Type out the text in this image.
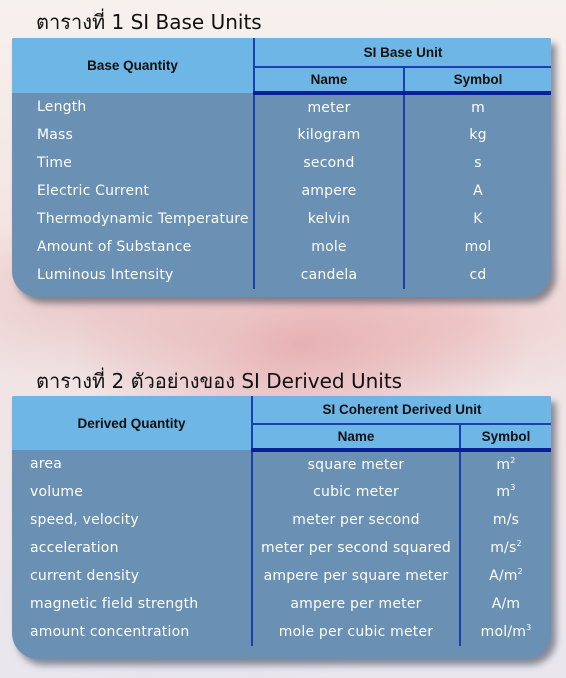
ตารางที่ 1 SI Base Units
Base Quantity	SI Base Unit	
	Name	Symbol
Length	meter	m
Mass	kilogram	kg
Time	second	s
Electric Current	ampere	A
Thermodynamic Temperature	kelvin	K
Amount of Substance	mole	mol
Luminous Intensity	candela	cd

ตารางที่ 2 ตัวอย่างของ SI Derived Units
Derived Quantity	SI Coherent Derived Unit	
	Name	Symbol
area	square meter	$m^2$
volume	cubic meter	$m^3$
speed, velocity	meter per second	m/s
acceleration	meter per second squared	$m/s^2$
current density	ampere per square meter	$A/m^2$
magnetic field strength	ampere per meter	A/m
amount concentration	mole per cubic meter	mol/$m^3$
